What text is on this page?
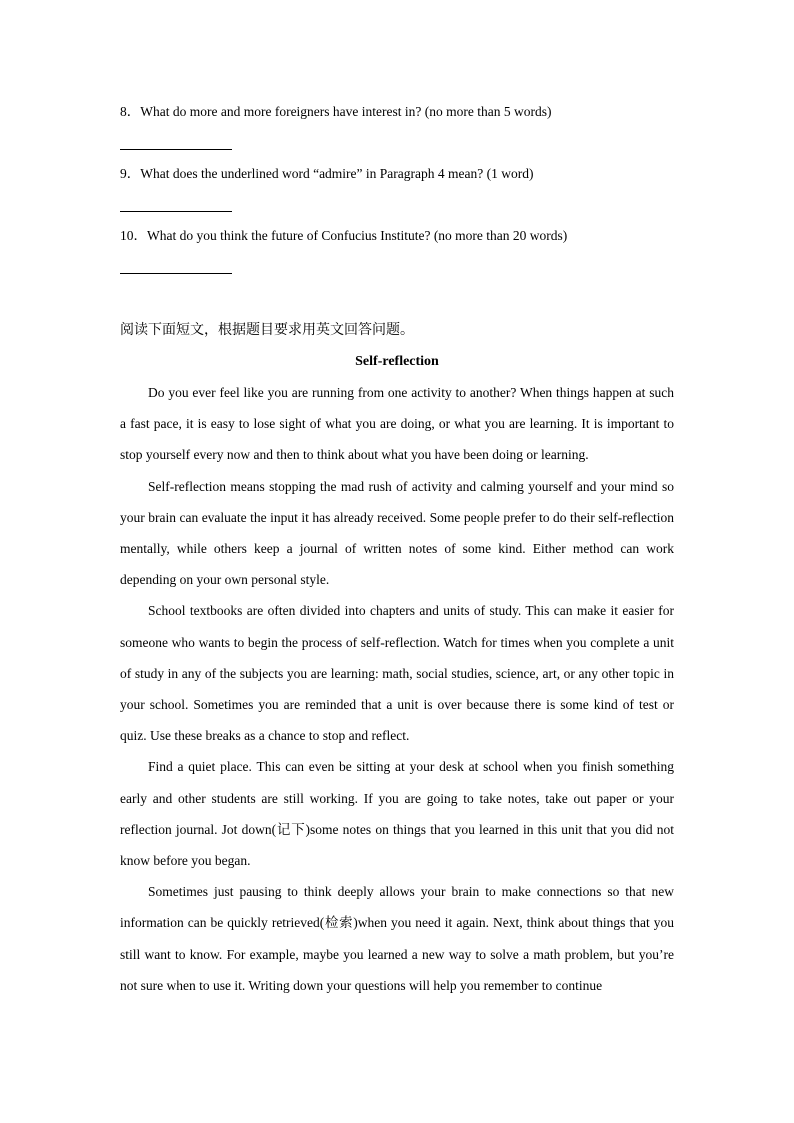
8．What do more and more foreigners have interest in? (no more than 5 words)
9．What does the underlined word “admire” in Paragraph 4 mean? (1 word)
10．What do you think the future of Confucius Institute? (no more than 20 words)
阅读下面短文，根据题目要求用英文回答问题。
Self-reflection

Do you ever feel like you are running from one activity to another? When things happen at such a fast pace, it is easy to lose sight of what you are doing, or what you are learning. It is important to stop yourself every now and then to think about what you have been doing or learning.

Self-reflection means stopping the mad rush of activity and calming yourself and your mind so your brain can evaluate the input it has already received. Some people prefer to do their self-reflection mentally, while others keep a journal of written notes of some kind. Either method can work depending on your own personal style.

School textbooks are often divided into chapters and units of study. This can make it easier for someone who wants to begin the process of self-reflection. Watch for times when you complete a unit of study in any of the subjects you are learning: math, social studies, science, art, or any other topic in your school. Sometimes you are reminded that a unit is over because there is some kind of test or quiz. Use these breaks as a chance to stop and reflect.

Find a quiet place. This can even be sitting at your desk at school when you finish something early and other students are still working. If you are going to take notes, take out paper or your reflection journal. Jot down(记下)some notes on things that you learned in this unit that you did not know before you began.

Sometimes just pausing to think deeply allows your brain to make connections so that new information can be quickly retrieved(检索)when you need it again. Next, think about things that you still want to know. For example, maybe you learned a new way to solve a math problem, but you’re not sure when to use it. Writing down your questions will help you remember to continue
